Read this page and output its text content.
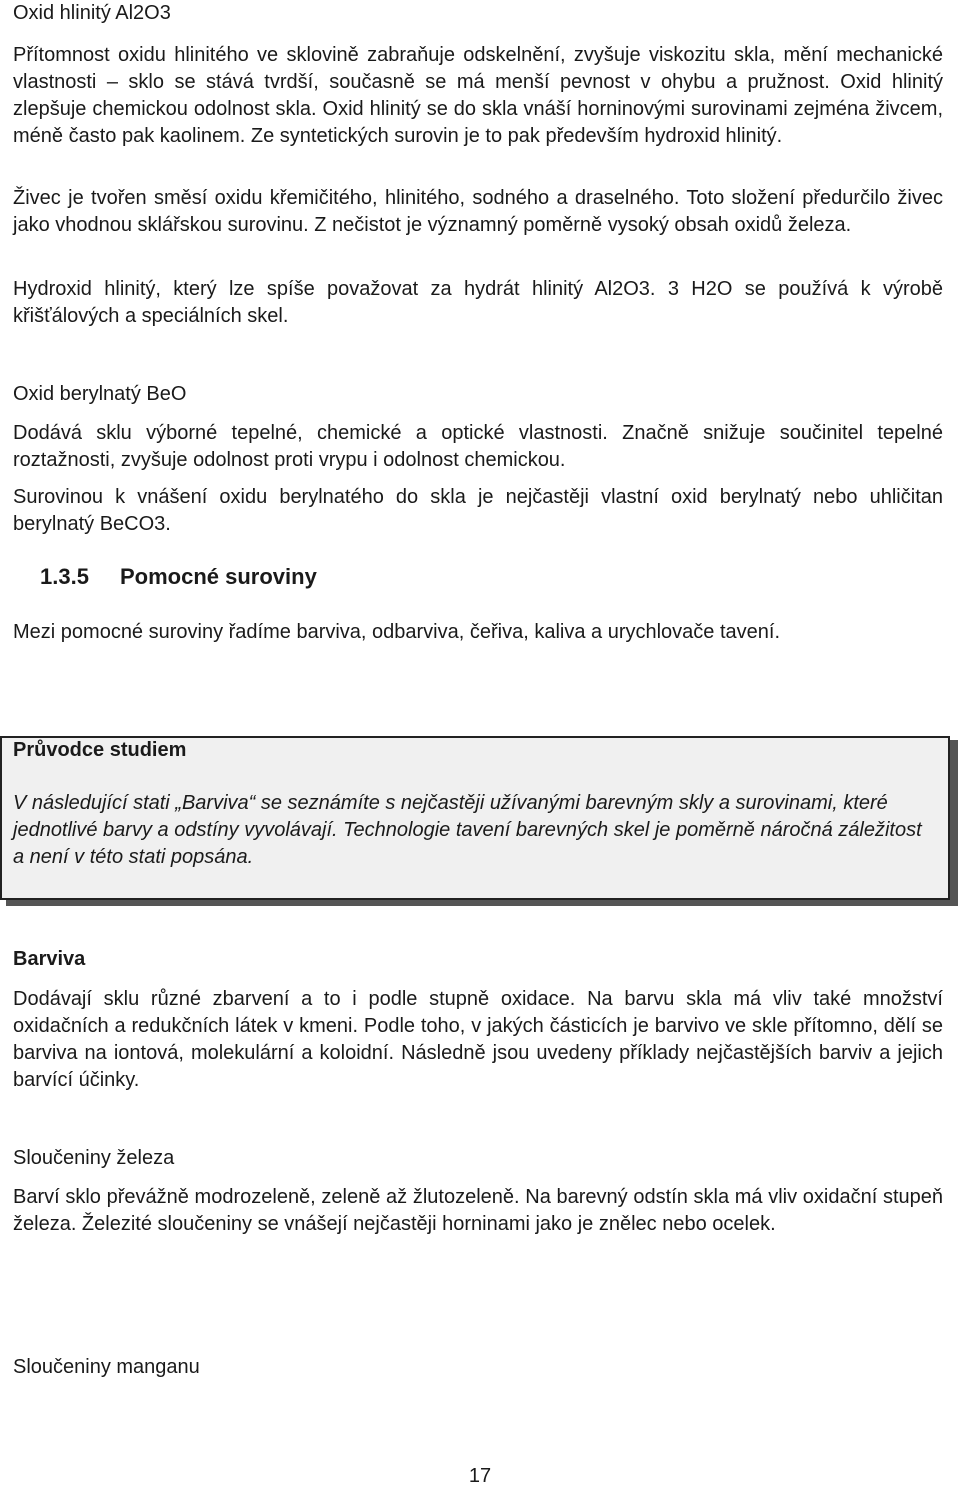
Oxid hlinitý Al2O3

Přítomnost oxidu hlinitého ve sklovině zabraňuje odskelnění, zvyšuje viskozitu skla, mění mechanické vlastnosti – sklo se stává tvrdší, současně se má menší pevnost v ohybu a pružnost. Oxid hlinitý zlepšuje chemickou odolnost skla. Oxid hlinitý se do skla vnáší horninovými surovinami zejména živcem, méně často pak kaolinem. Ze syntetických surovin je to pak především hydroxid hlinitý.

Živec je tvořen směsí oxidu křemičitého, hlinitého, sodného a draselného. Toto složení předurčilo živec jako vhodnou sklářskou surovinu. Z nečistot je významný poměrně vysoký obsah oxidů železa.

Hydroxid hlinitý, který lze spíše považovat za hydrát hlinitý Al2O3. 3 H2O se používá k výrobě křišťálových a speciálních skel.

Oxid berylnatý BeO

Dodává sklu výborné tepelné, chemické a optické vlastnosti. Značně snižuje součinitel tepelné roztažnosti, zvyšuje odolnost proti vrypu i odolnost chemickou.

Surovinou k vnášení oxidu berylnatého do skla je nejčastěji vlastní oxid berylnatý nebo uhličitan berylnatý BeCO3.

1.3.5 Pomocné suroviny

Mezi pomocné suroviny řadíme barviva, odbarviva, čeřiva, kaliva a urychlovače tavení.

Průvodce studiem
V následující stati „Barviva“ se seznámíte s nejčastěji užívanými barevným skly a surovinami, které jednotlivé barvy a odstíny vyvolávají. Technologie tavení barevných skel je poměrně náročná záležitost a není v této stati popsána.
Barviva

Dodávají sklu různé zbarvení a to i podle stupně oxidace. Na barvu skla má vliv také množství oxidačních a redukčních látek v kmeni. Podle toho, v jakých částicích je barvivo ve skle přítomno, dělí se barviva na iontová, molekulární a koloidní. Následně jsou uvedeny příklady nejčastějších barviv a jejich barvící účinky.

Sloučeniny železa

Barví sklo převážně modrozeleně, zeleně až žlutozeleně. Na barevný odstín skla má vliv oxidační stupeň železa. Železité sloučeniny se vnášejí nejčastěji horninami jako je znělec nebo ocelek.

Sloučeniny manganu
17
